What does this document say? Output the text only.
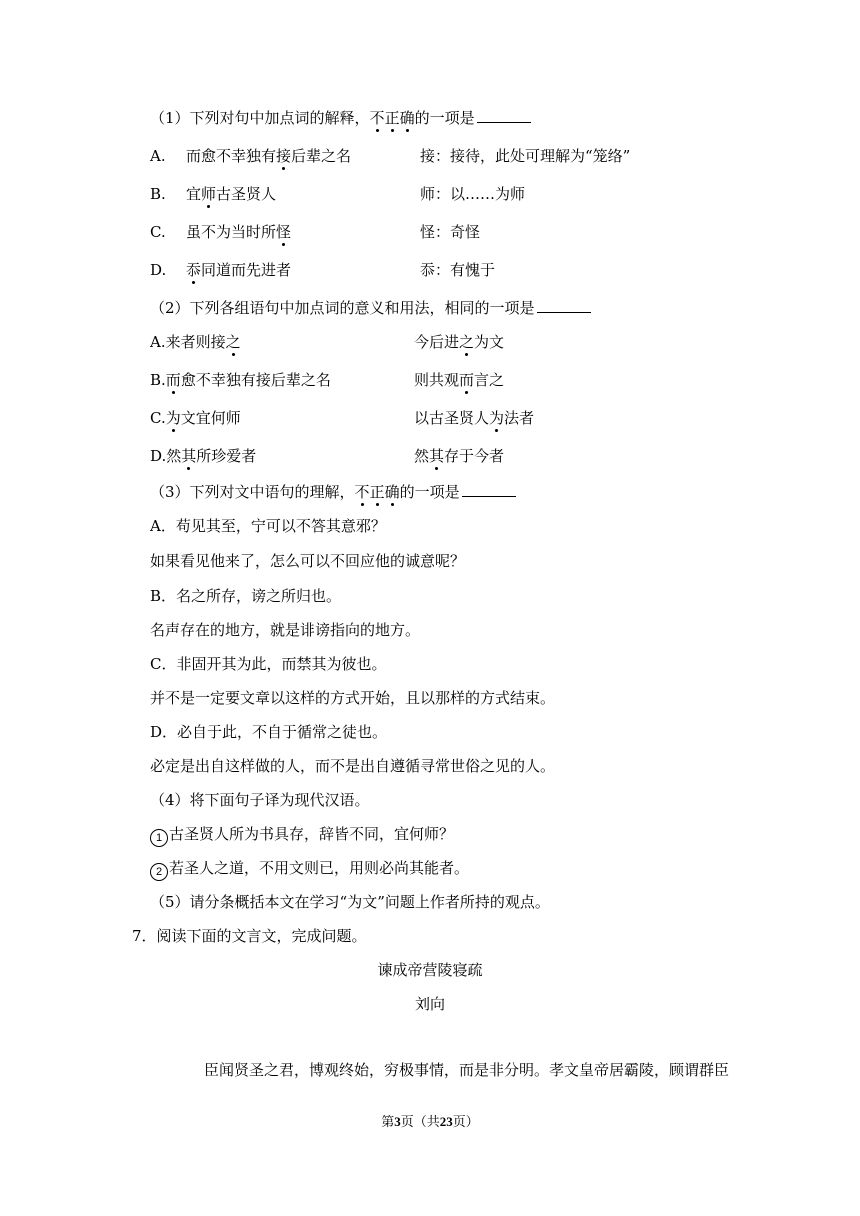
（1）下列对句中加点词的解释，不正确的一项是
A. 而愈不幸独有接后辈之名	接：接待，此处可理解为“笼络”
B. 宜师古圣贤人	师：以……为师
C. 虽不为当时所怪	怪：奇怪
D. 忝同道而先进者	忝：有愧于
（2）下列各组语句中加点词的意义和用法，相同的一项是
A.来者则接之	今后进之为文
B.而愈不幸独有接后辈之名	则共观而言之
C.为文宜何师	以古圣贤人为法者
D.然其所珍爱者	然其存于今者
（3）下列对文中语句的理解，不正确的一项是
A．苟见其至，宁可以不答其意邪？
如果看见他来了，怎么可以不回应他的诚意呢？
B．名之所存，谤之所归也。
名声存在的地方，就是诽谤指向的地方。
C．非固开其为此，而禁其为彼也。
并不是一定要文章以这样的方式开始，且以那样的方式结束。
D．必自于此，不自于循常之徒也。
必定是出自这样做的人，而不是出自遵循寻常世俗之见的人。
（4）将下面句子译为现代汉语。
1 古圣贤人所为书具存，辞皆不同，宜何师？
2 若圣人之道，不用文则已，用则必尚其能者。
（5）请分条概括本文在学习“为文”问题上作者所持的观点。
7．阅读下面的文言文，完成问题。
谏成帝营陵寝疏
刘向
臣闻贤圣之君，博观终始，穷极事情，而是非分明。孝文皇帝居霸陵，顾谓群臣
第3页（共23页）
